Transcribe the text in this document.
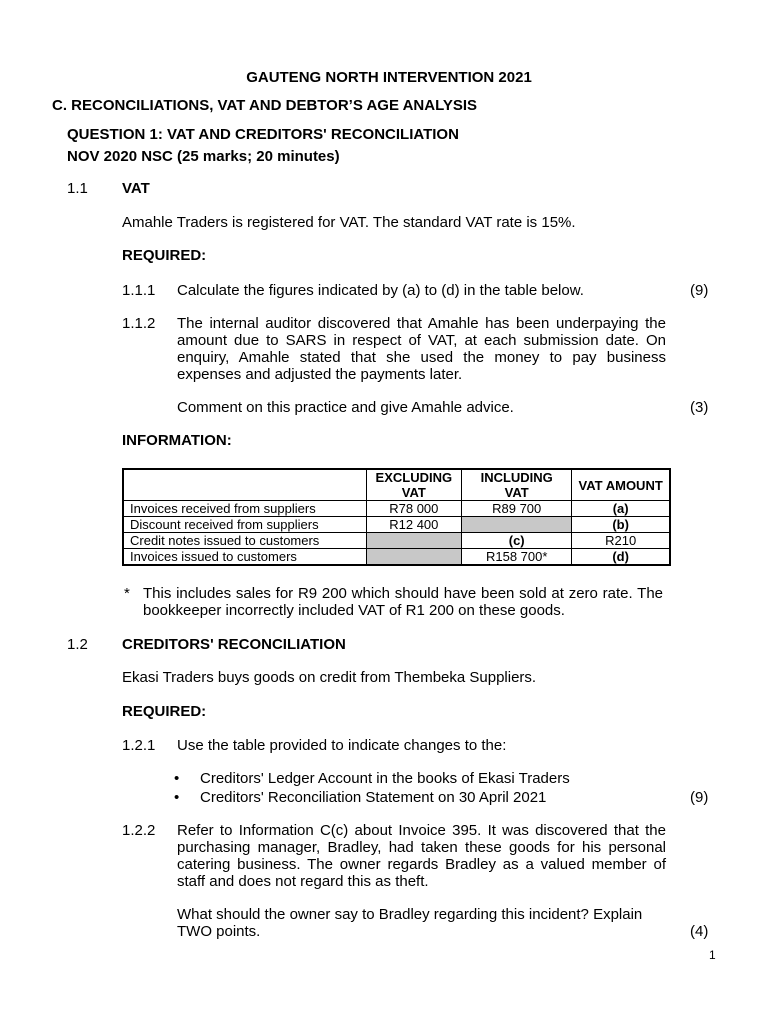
GAUTENG NORTH INTERVENTION 2021
C. RECONCILIATIONS, VAT AND DEBTOR’S AGE ANALYSIS
QUESTION 1: VAT AND CREDITORS' RECONCILIATION
NOV 2020 NSC (25 marks; 20 minutes)
1.1 VAT
Amahle Traders is registered for VAT. The standard VAT rate is 15%.
REQUIRED:
1.1.1 Calculate the figures indicated by (a) to (d) in the table below.	(9)
1.1.2 The internal auditor discovered that Amahle has been underpaying the amount due to SARS in respect of VAT, at each submission date. On enquiry, Amahle stated that she used the money to pay business expenses and adjusted the payments later.

Comment on this practice and give Amahle advice.	(3)
INFORMATION:
	EXCLUDING VAT	INCLUDING VAT	VAT AMOUNT
Invoices received from suppliers	R78 000	R89 700	(a)
Discount received from suppliers	R12 400		(b)
Credit notes issued to customers		(c)	R210
Invoices issued to customers		R158 700*	(d)
* This includes sales for R9 200 which should have been sold at zero rate. The bookkeeper incorrectly included VAT of R1 200 on these goods.

1.2 CREDITORS' RECONCILIATION
Ekasi Traders buys goods on credit from Thembeka Suppliers.
REQUIRED:
1.2.1 Use the table provided to indicate changes to the:
• Creditors' Ledger Account in the books of Ekasi Traders
• Creditors' Reconciliation Statement on 30 April 2021	(9)
1.2.2 Refer to Information C(c) about Invoice 395. It was discovered that the purchasing manager, Bradley, had taken these goods for his personal catering business. The owner regards Bradley as a valued member of staff and does not regard this as theft.

What should the owner say to Bradley regarding this incident? Explain TWO points.	(4)
1
